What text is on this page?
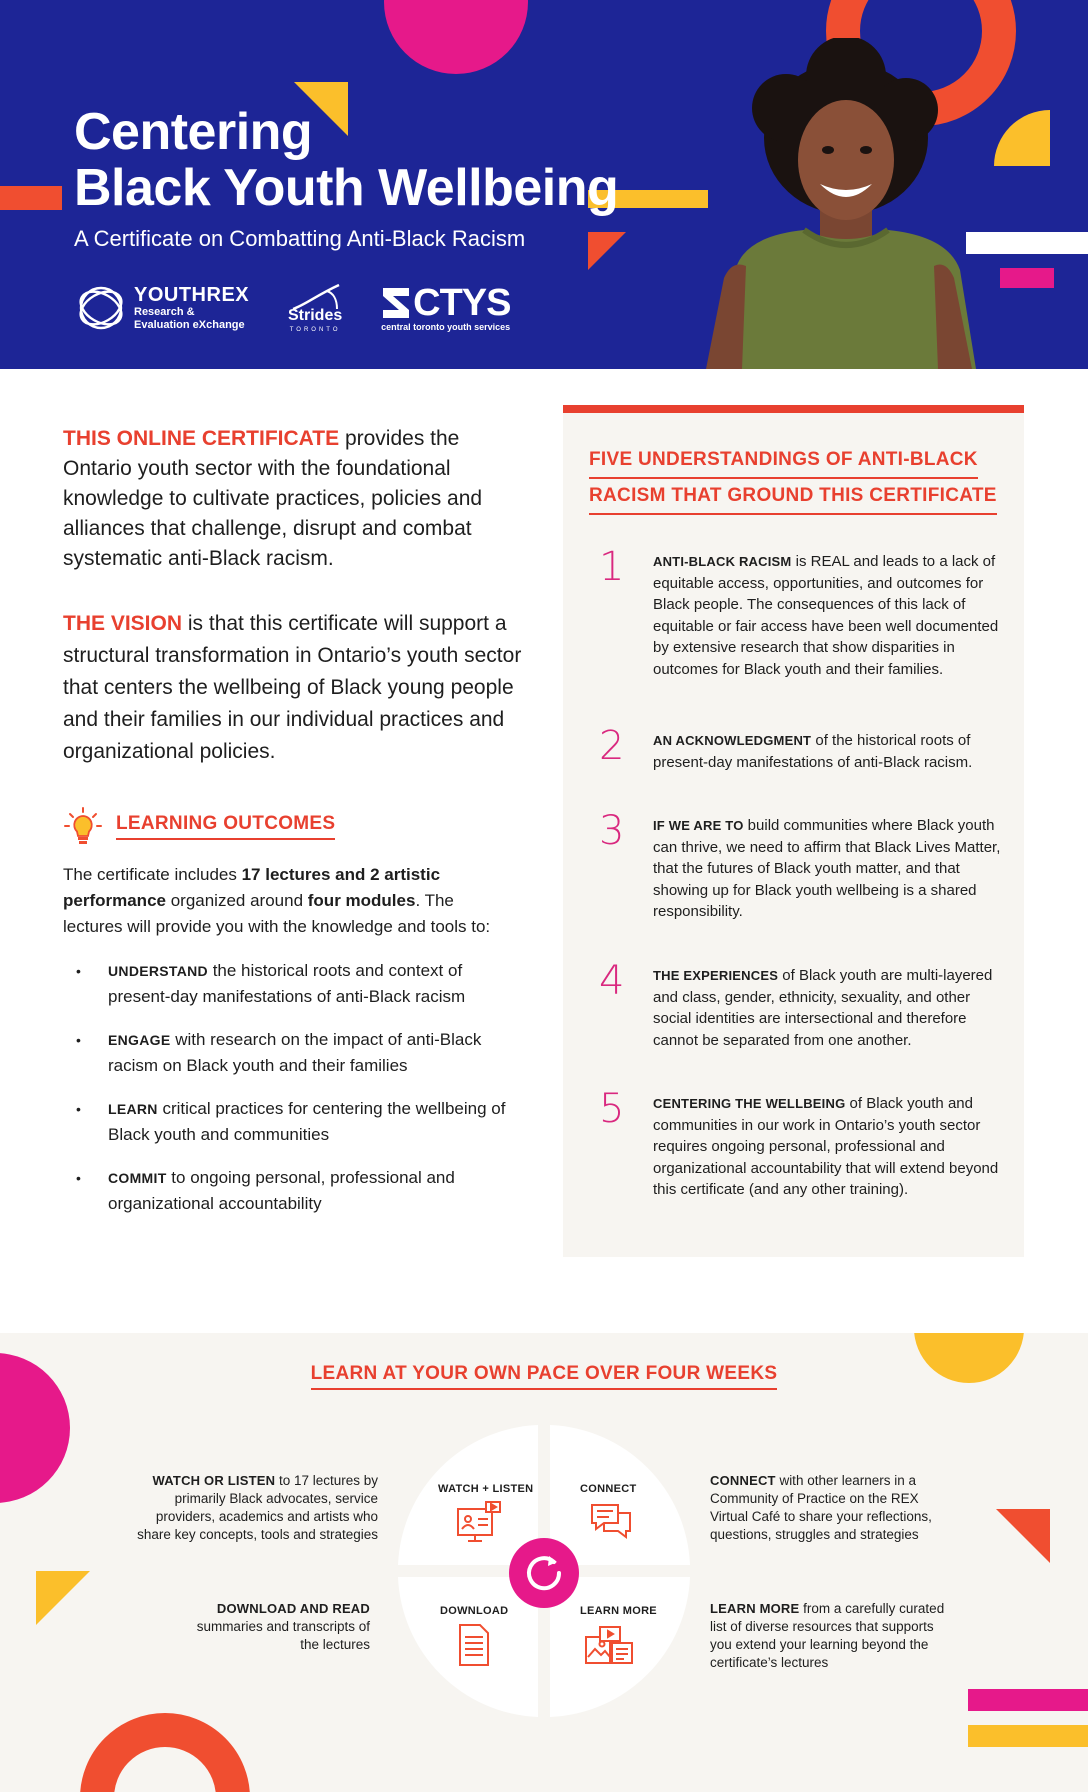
Centering
Black Youth Wellbeing
A Certificate on Combatting Anti-Black Racism
YOUTHREX
Research &
Evaluation eXchange
Strides
TORONTO
CTYS
central toronto youth services

THIS ONLINE CERTIFICATE provides the Ontario youth sector with the foundational knowledge to cultivate practices, policies and alliances that challenge, disrupt and combat systematic anti-Black racism.

THE VISION is that this certificate will support a structural transformation in Ontario’s youth sector that centers the wellbeing of Black young people and their families in our individual practices and organizational policies.

LEARNING OUTCOMES

The certificate includes 17 lectures and 2 artistic performance organized around four modules. The lectures will provide you with the knowledge and tools to:

• UNDERSTAND the historical roots and context of present-day manifestations of anti-Black racism
• ENGAGE with research on the impact of anti-Black racism on Black youth and their families
• LEARN critical practices for centering the wellbeing of Black youth and communities
• COMMIT to ongoing personal, professional and organizational accountability
FIVE UNDERSTANDINGS OF ANTI-BLACK
RACISM THAT GROUND THIS CERTIFICATE
1	ANTI-BLACK RACISM is REAL and leads to a lack of equitable access, opportunities, and outcomes for Black people. The consequences of this lack of equitable or fair access have been well documented by extensive research that show disparities in outcomes for Black youth and their families.
2	AN ACKNOWLEDGMENT of the historical roots of present-day manifestations of anti-Black racism.
3	IF WE ARE TO build communities where Black youth can thrive, we need to affirm that Black Lives Matter, that the futures of Black youth matter, and that showing up for Black youth wellbeing is a shared responsibility.
4	THE EXPERIENCES of Black youth are multi-layered and class, gender, ethnicity, sexuality, and other social identities are intersectional and therefore cannot be separated from one another.
5	CENTERING THE WELLBEING of Black youth and communities in our work in Ontario’s youth sector requires ongoing personal, professional and organizational accountability that will extend beyond this certificate (and any other training).
LEARN AT YOUR OWN PACE OVER FOUR WEEKS
WATCH + LISTEN	CONNECT
DOWNLOAD	LEARN MORE
WATCH OR LISTEN to 17 lectures by primarily Black advocates, service providers, academics and artists who share key concepts, tools and strategies
DOWNLOAD AND READ summaries and transcripts of the lectures
CONNECT with other learners in a Community of Practice on the REX Virtual Café to share your reflections, questions, struggles and strategies
LEARN MORE from a carefully curated list of diverse resources that supports you extend your learning beyond the certificate’s lectures
